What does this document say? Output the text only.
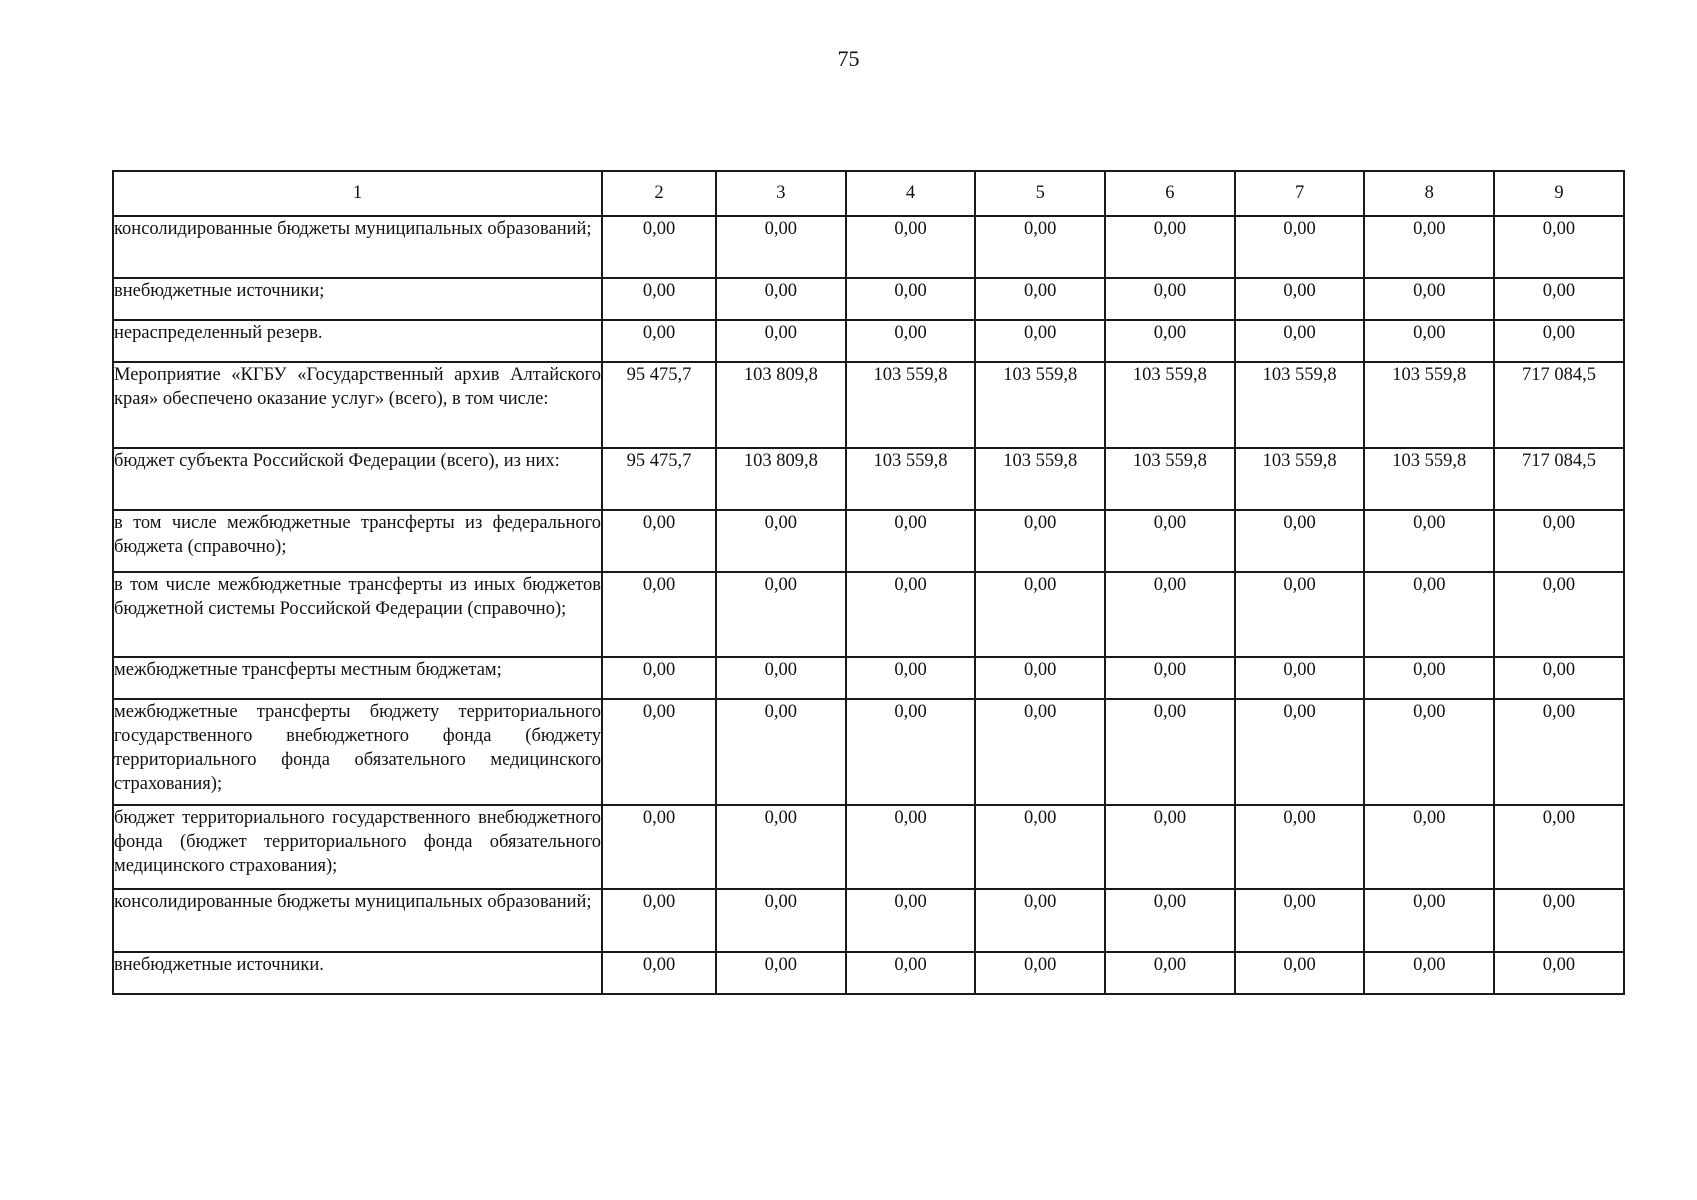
75
1	2	3	4	5	6	7	8	9
консолидированные бюджеты муниципальных образований;	0,00	0,00	0,00	0,00	0,00	0,00	0,00	0,00
внебюджетные источники;	0,00	0,00	0,00	0,00	0,00	0,00	0,00	0,00
нераспределенный резерв.	0,00	0,00	0,00	0,00	0,00	0,00	0,00	0,00
Мероприятие «КГБУ «Государственный архив Алтайского края» обеспечено оказание услуг» (всего), в том числе:	95 475,7	103 809,8	103 559,8	103 559,8	103 559,8	103 559,8	103 559,8	717 084,5
бюджет субъекта Российской Федерации (всего), из них:	95 475,7	103 809,8	103 559,8	103 559,8	103 559,8	103 559,8	103 559,8	717 084,5
в том числе межбюджетные трансферты из федерального бюджета (справочно);	0,00	0,00	0,00	0,00	0,00	0,00	0,00	0,00
в том числе межбюджетные трансферты из иных бюджетов бюджетной системы Российской Федерации (справочно);	0,00	0,00	0,00	0,00	0,00	0,00	0,00	0,00
межбюджетные трансферты местным бюджетам;	0,00	0,00	0,00	0,00	0,00	0,00	0,00	0,00
межбюджетные трансферты бюджету территориального государственного внебюджетного фонда (бюджету территориального фонда обязательного медицинского страхования);	0,00	0,00	0,00	0,00	0,00	0,00	0,00	0,00
бюджет территориального государственного внебюджетного фонда (бюджет территориального фонда обязательного медицинского страхования);	0,00	0,00	0,00	0,00	0,00	0,00	0,00	0,00
консолидированные бюджеты муниципальных образований;	0,00	0,00	0,00	0,00	0,00	0,00	0,00	0,00
внебюджетные источники.	0,00	0,00	0,00	0,00	0,00	0,00	0,00	0,00
